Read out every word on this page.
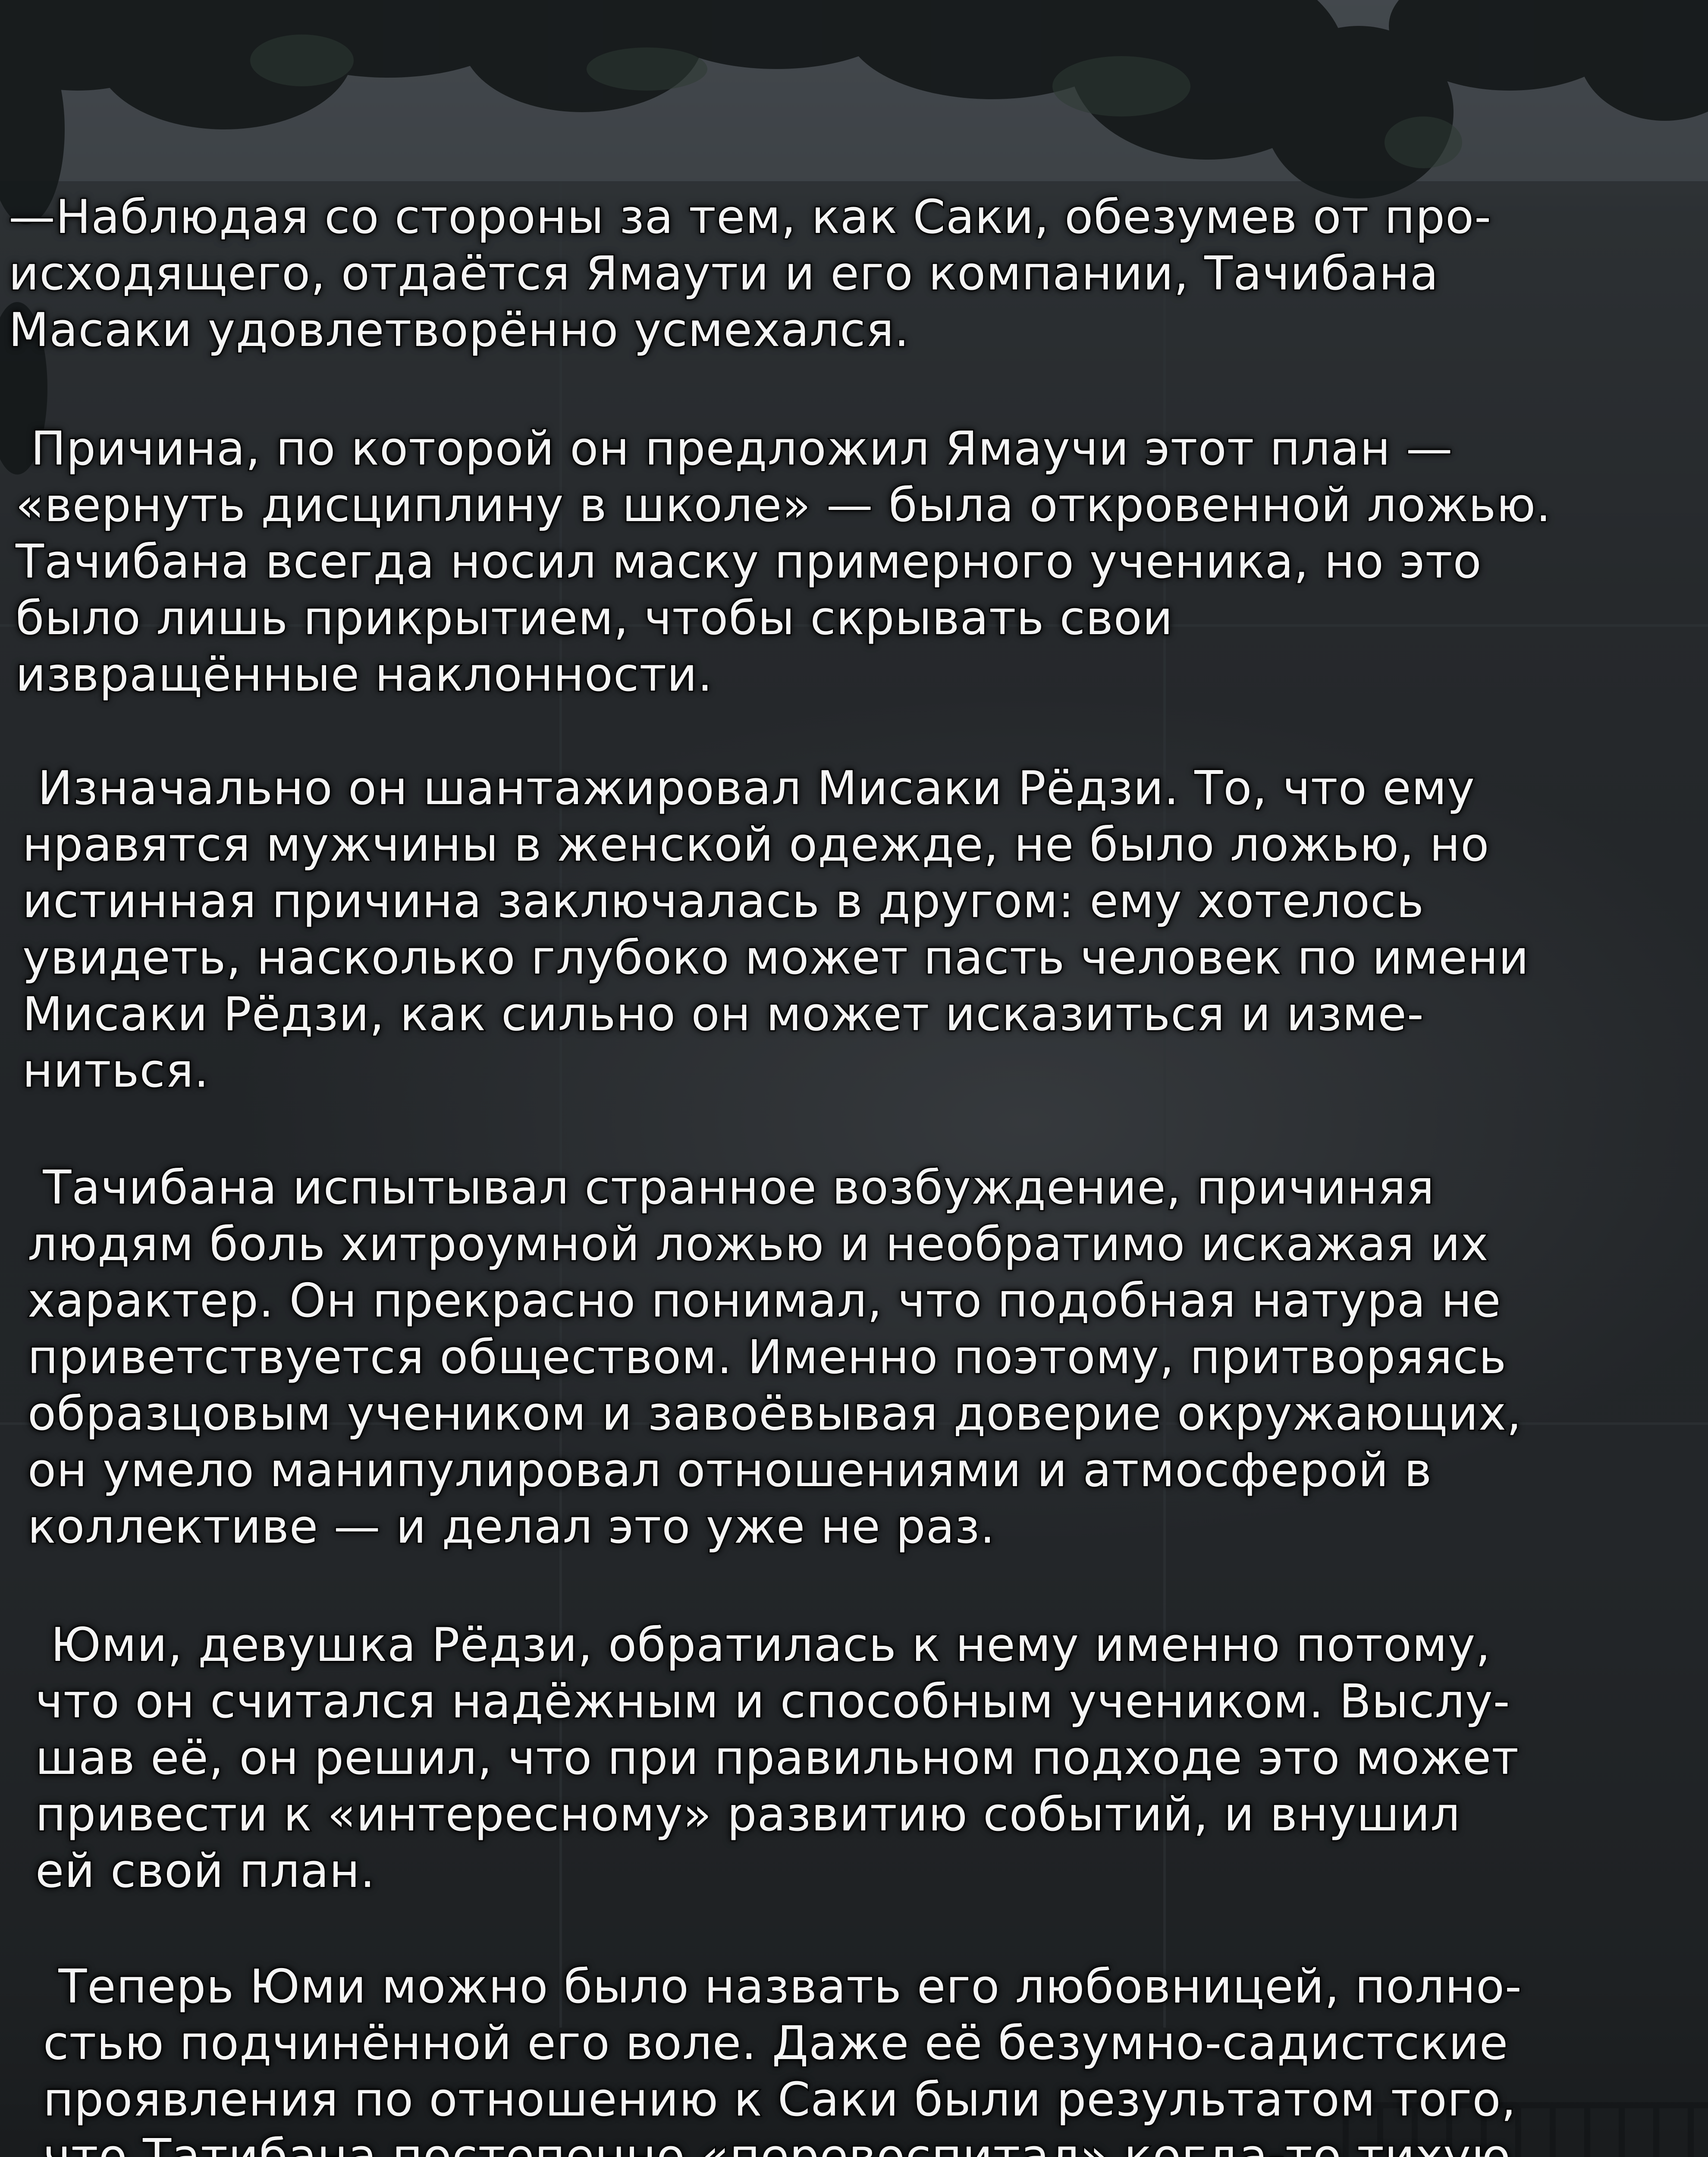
—Наблюдая со стороны за тем, как Саки, обезумев от про-
исходящего, отдаётся Ямаути и его компании, Тачибана
Масаки удовлетворённо усмехался.
Причина, по которой он предложил Ямаучи этот план —
«вернуть дисциплину в школе» — была откровенной ложью.
Тачибана всегда носил маску примерного ученика, но это
было лишь прикрытием, чтобы скрывать свои
извращённые наклонности.
Изначально он шантажировал Мисаки Рёдзи. То, что ему
нравятся мужчины в женской одежде, не было ложью, но
истинная причина заключалась в другом: ему хотелось
увидеть, насколько глубоко может пасть человек по имени
Мисаки Рёдзи, как сильно он может исказиться и изме-
ниться.
Тачибана испытывал странное возбуждение, причиняя
людям боль хитроумной ложью и необратимо искажая их
характер. Он прекрасно понимал, что подобная натура не
приветствуется обществом. Именно поэтому, притворяясь
образцовым учеником и завоёвывая доверие окружающих,
он умело манипулировал отношениями и атмосферой в
коллективе — и делал это уже не раз.
Юми, девушка Рёдзи, обратилась к нему именно потому,
что он считался надёжным и способным учеником. Выслу-
шав её, он решил, что при правильном подходе это может
привести к «интересному» развитию событий, и внушил
ей свой план.
Теперь Юми можно было назвать его любовницей, полно-
стью подчинённой его воле. Даже её безумно-садистские
проявления по отношению к Саки были результатом того,
что Татибана постепенно «перевоспитал» когда-то тихую
